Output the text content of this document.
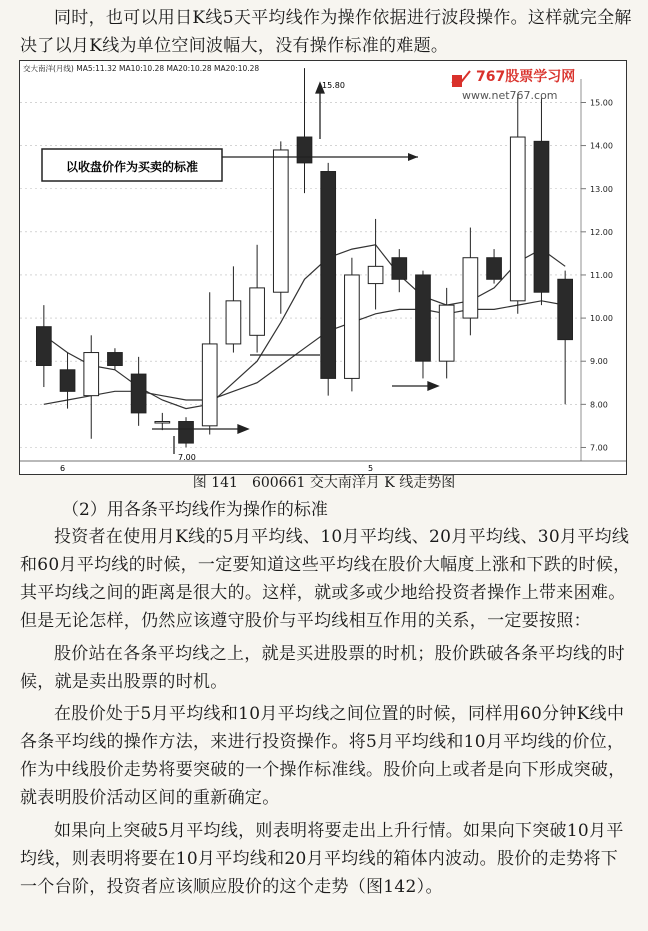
同时，也可以用日K线5天平均线作为操作依据进行波段操作。这样就完全解决了以月K线为单位空间波幅大，没有操作标准的难题。

交大南洋(月线) MA5:11.32 MA10:10.28 MA20:10.28 MA20:10.28
15.00
14.00
13.00
12.00
11.00
10.00
9.00
8.00
7.00
以收盘价作为买卖的标准
15.80
7.00
6	5
767股票学习网
www.net767.com
图 141　600661 交大南洋月 K 线走势图
（2）用各条平均线作为操作的标准

投资者在使用月K线的5月平均线、10月平均线、20月平均线、30月平均线和60月平均线的时候，一定要知道这些平均线在股价大幅度上涨和下跌的时候，其平均线之间的距离是很大的。这样，就或多或少地给投资者操作上带来困难。但是无论怎样，仍然应该遵守股价与平均线相互作用的关系，一定要按照：

股价站在各条平均线之上，就是买进股票的时机；股价跌破各条平均线的时候，就是卖出股票的时机。

在股价处于5月平均线和10月平均线之间位置的时候，同样用60分钟K线中各条平均线的操作方法，来进行投资操作。将5月平均线和10月平均线的价位，作为中线股价走势将要突破的一个操作标准线。股价向上或者是向下形成突破，就表明股价活动区间的重新确定。

如果向上突破5月平均线，则表明将要走出上升行情。如果向下突破10月平均线，则表明将要在10月平均线和20月平均线的箱体内波动。股价的走势将下一个台阶，投资者应该顺应股价的这个走势（图142）。
